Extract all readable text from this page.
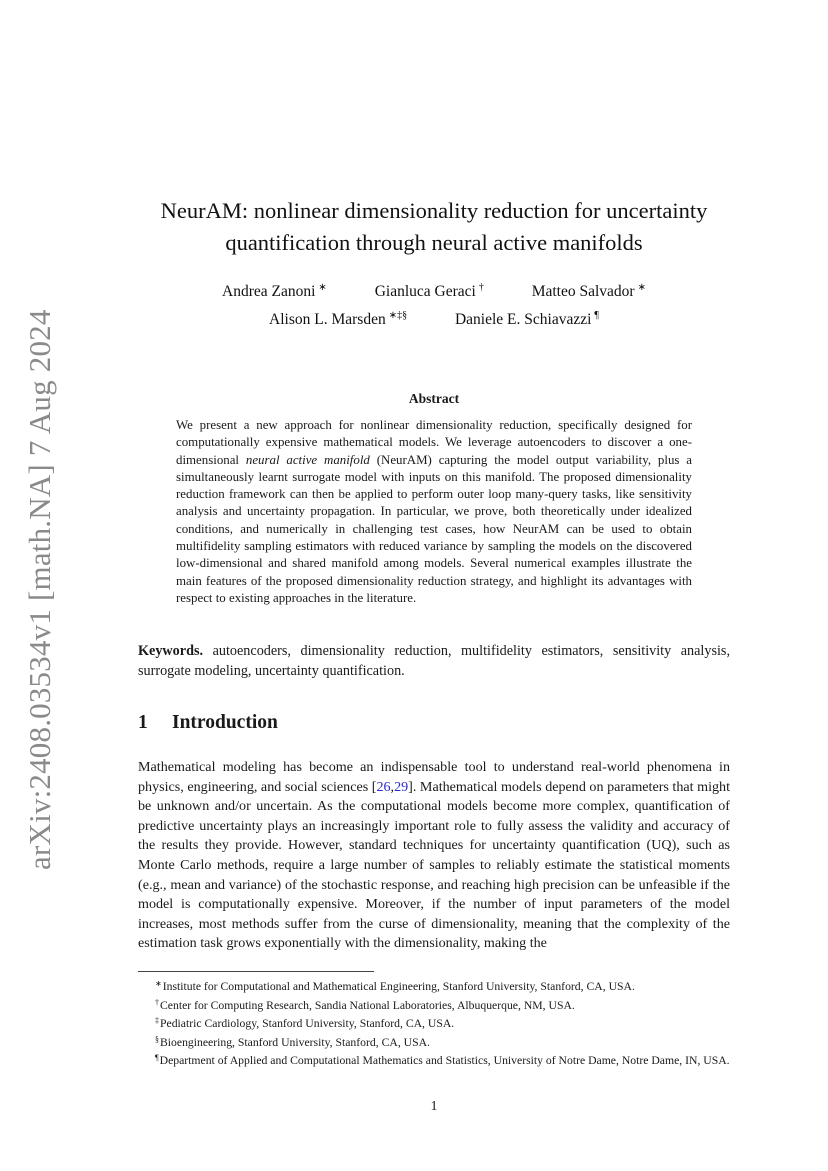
arXiv:2408.03534v1 [math.NA] 7 Aug 2024
NeurAM: nonlinear dimensionality reduction for uncertainty
quantification through neural active manifolds
Andrea Zanoni ∗	Gianluca Geraci †	Matteo Salvador ∗
Alison L. Marsden ∗‡§	Daniele E. Schiavazzi ¶
Abstract
We present a new approach for nonlinear dimensionality reduction, specifically designed for computationally expensive mathematical models. We leverage autoencoders to discover a one-dimensional neural active manifold (NeurAM) capturing the model output variability, plus a simultaneously learnt surrogate model with inputs on this manifold. The proposed dimensionality reduction framework can then be applied to perform outer loop many-query tasks, like sensitivity analysis and uncertainty propagation. In particular, we prove, both theoretically under idealized conditions, and numerically in challenging test cases, how NeurAM can be used to obtain multifidelity sampling estimators with reduced variance by sampling the models on the discovered low-dimensional and shared manifold among models. Several numerical examples illustrate the main features of the proposed dimensionality reduction strategy, and highlight its advantages with respect to existing approaches in the literature.
Keywords. autoencoders, dimensionality reduction, multifidelity estimators, sensitivity analysis, surrogate modeling, uncertainty quantification.
1 Introduction
Mathematical modeling has become an indispensable tool to understand real-world phenomena in physics, engineering, and social sciences [26,29]. Mathematical models depend on parameters that might be unknown and/or uncertain. As the computational models become more complex, quantification of predictive uncertainty plays an increasingly important role to fully assess the validity and accuracy of the results they provide. However, standard techniques for uncertainty quantification (UQ), such as Monte Carlo methods, require a large number of samples to reliably estimate the statistical moments (e.g., mean and variance) of the stochastic response, and reaching high precision can be unfeasible if the model is computationally expensive. Moreover, if the number of input parameters of the model increases, most methods suffer from the curse of dimensionality, meaning that the complexity of the estimation task grows exponentially with the dimensionality, making the
∗Institute for Computational and Mathematical Engineering, Stanford University, Stanford, CA, USA.
†Center for Computing Research, Sandia National Laboratories, Albuquerque, NM, USA.
‡Pediatric Cardiology, Stanford University, Stanford, CA, USA.
§Bioengineering, Stanford University, Stanford, CA, USA.
¶Department of Applied and Computational Mathematics and Statistics, University of Notre Dame, Notre Dame, IN, USA.
1
